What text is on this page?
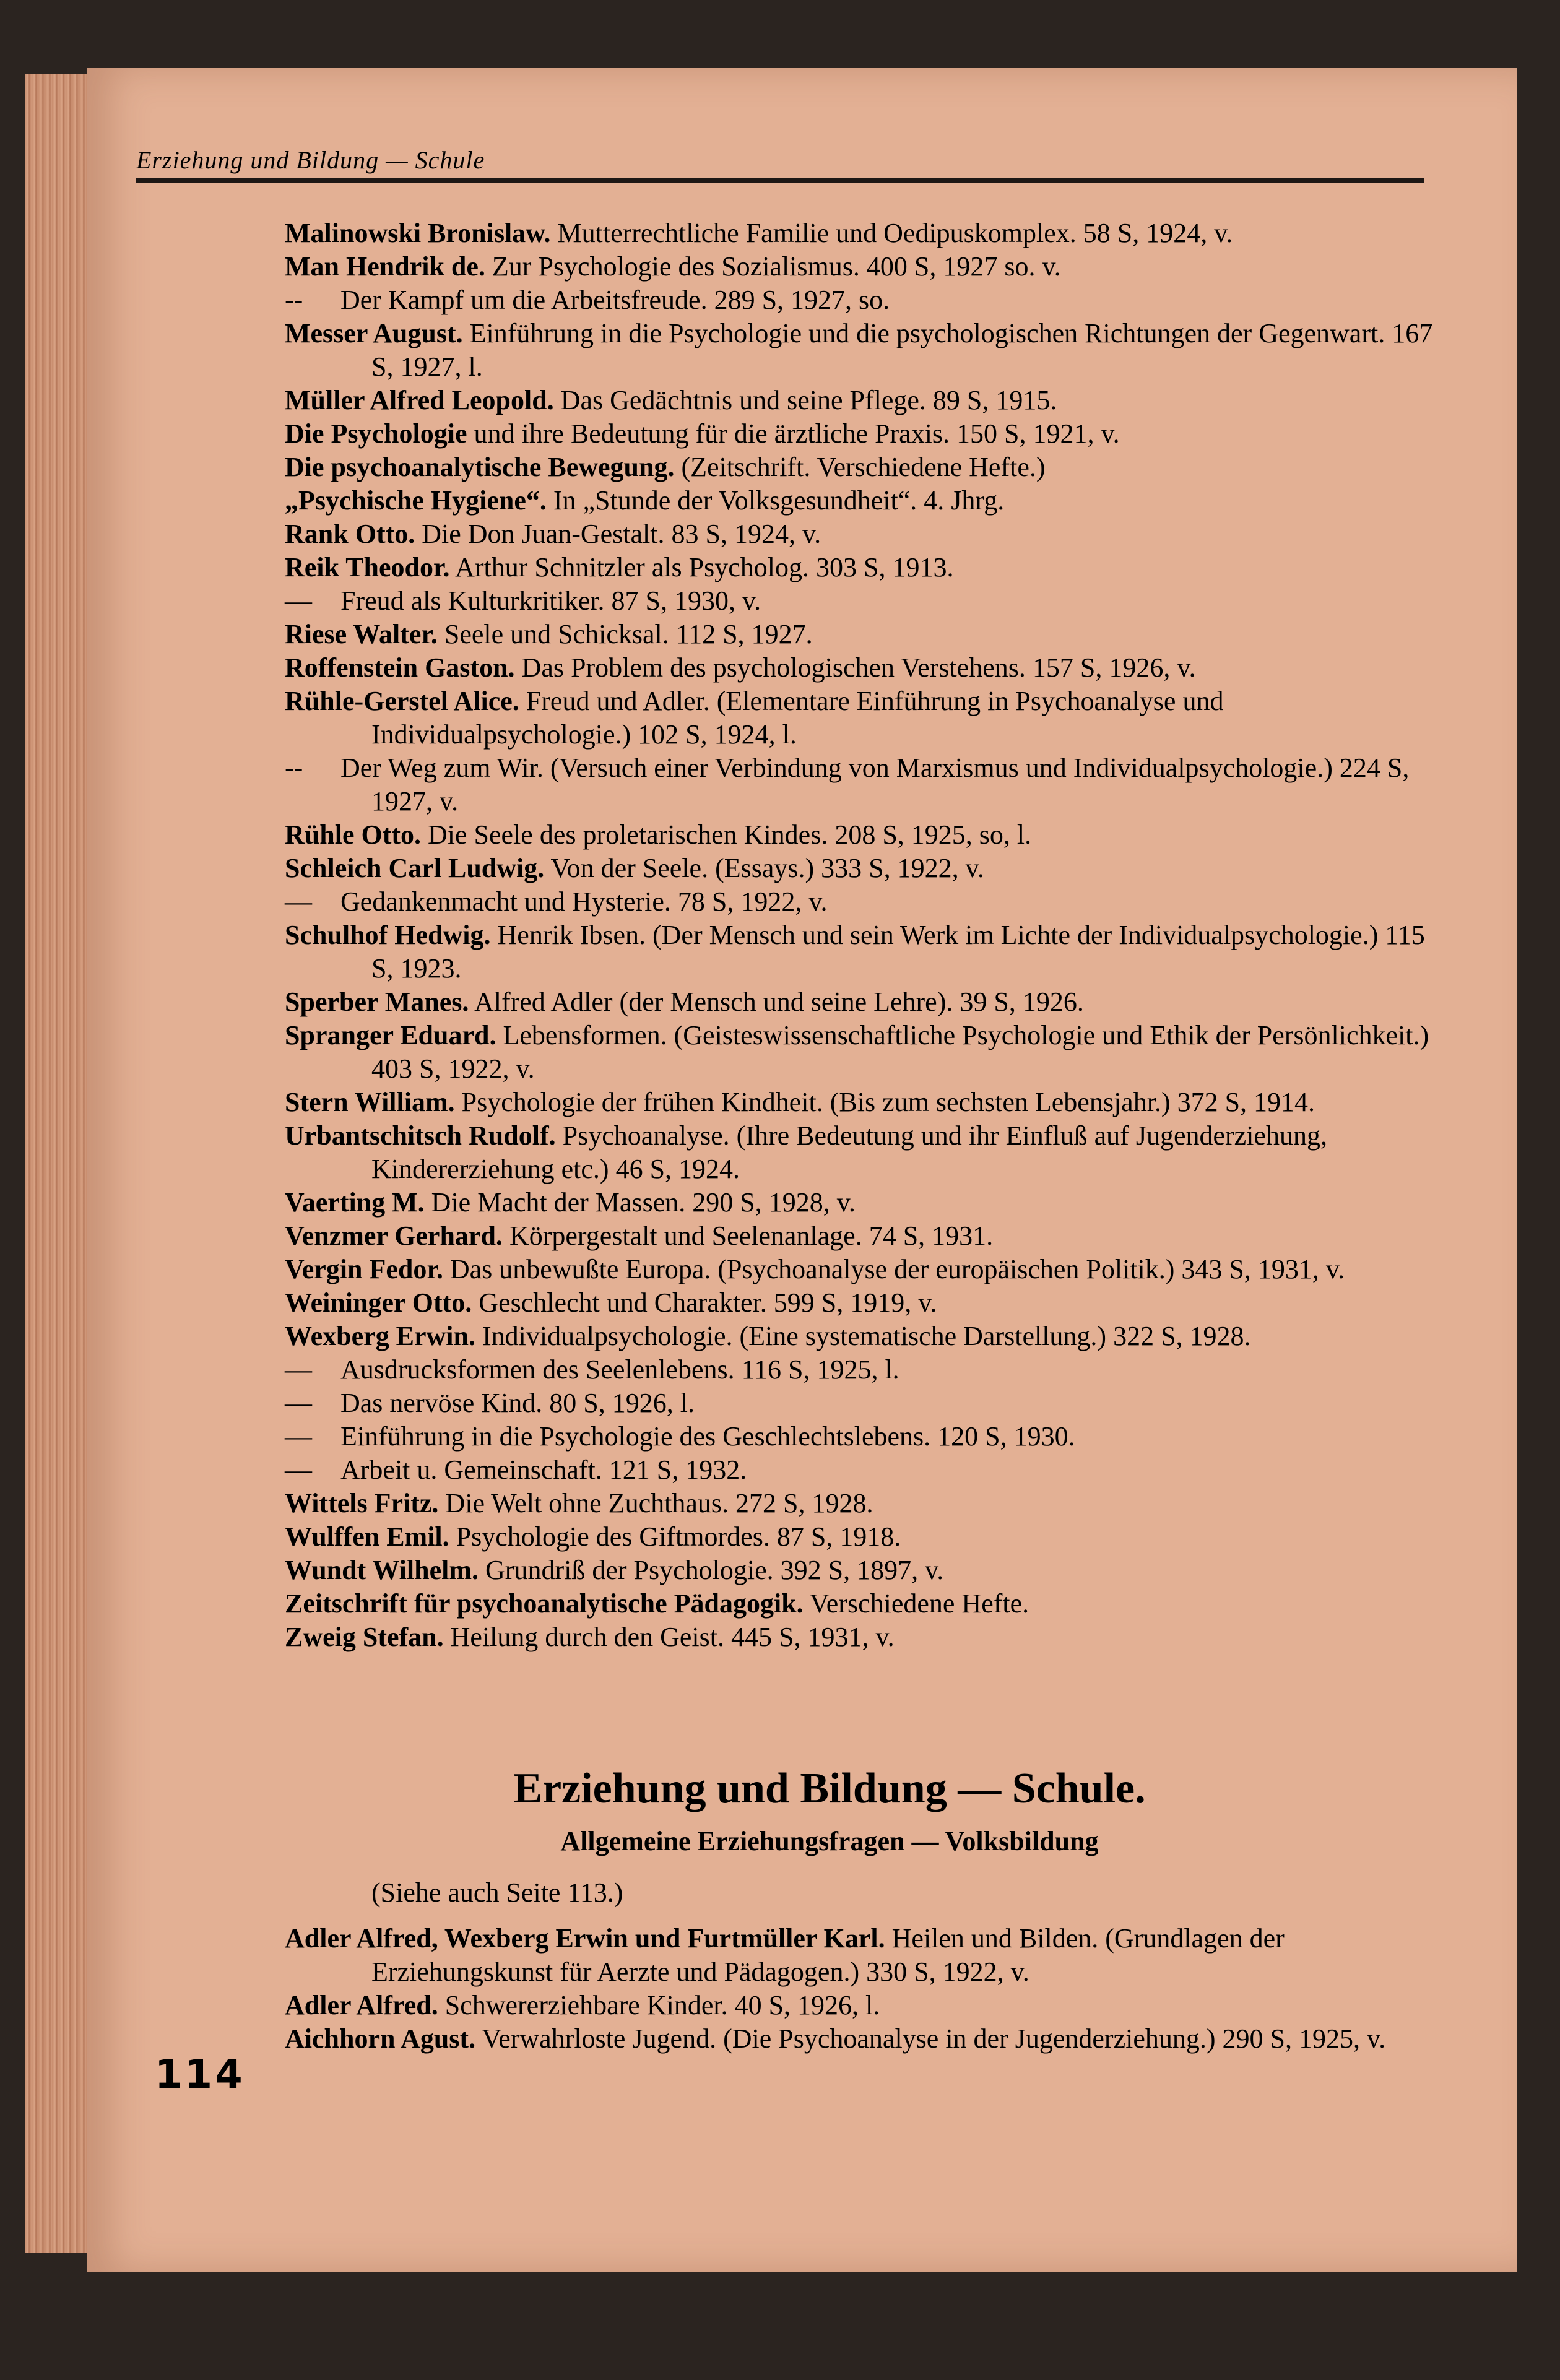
Erziehung und Bildung — Schule
Malinowski Bronislaw. Mutterrechtliche Familie und Oedipuskomplex. 58 S, 1924, v.
Man Hendrik de. Zur Psychologie des Sozialismus. 400 S, 1927 so. v.
-- Der Kampf um die Arbeitsfreude. 289 S, 1927, so.
Messer August. Einführung in die Psychologie und die psychologischen Richtungen der Gegenwart. 167 S, 1927, l.
Müller Alfred Leopold. Das Gedächtnis und seine Pflege. 89 S, 1915.
Die Psychologie und ihre Bedeutung für die ärztliche Praxis. 150 S, 1921, v.
Die psychoanalytische Bewegung. (Zeitschrift. Verschiedene Hefte.)
„Psychische Hygiene“. In „Stunde der Volksgesundheit“. 4. Jhrg.
Rank Otto. Die Don Juan-Gestalt. 83 S, 1924, v.
Reik Theodor. Arthur Schnitzler als Psycholog. 303 S, 1913.
— Freud als Kulturkritiker. 87 S, 1930, v.
Riese Walter. Seele und Schicksal. 112 S, 1927.
Roffenstein Gaston. Das Problem des psychologischen Verstehens. 157 S, 1926, v.
Rühle-Gerstel Alice. Freud und Adler. (Elementare Einführung in Psychoanalyse und Individualpsychologie.) 102 S, 1924, l.
-- Der Weg zum Wir. (Versuch einer Verbindung von Marxismus und Individualpsychologie.) 224 S, 1927, v.
Rühle Otto. Die Seele des proletarischen Kindes. 208 S, 1925, so, l.
Schleich Carl Ludwig. Von der Seele. (Essays.) 333 S, 1922, v.
— Gedankenmacht und Hysterie. 78 S, 1922, v.
Schulhof Hedwig. Henrik Ibsen. (Der Mensch und sein Werk im Lichte der Individualpsychologie.) 115 S, 1923.
Sperber Manes. Alfred Adler (der Mensch und seine Lehre). 39 S, 1926.
Spranger Eduard. Lebensformen. (Geisteswissenschaftliche Psychologie und Ethik der Persönlichkeit.) 403 S, 1922, v.
Stern William. Psychologie der frühen Kindheit. (Bis zum sechsten Lebensjahr.) 372 S, 1914.
Urbantschitsch Rudolf. Psychoanalyse. (Ihre Bedeutung und ihr Einfluß auf Jugenderziehung, Kindererziehung etc.) 46 S, 1924.
Vaerting M. Die Macht der Massen. 290 S, 1928, v.
Venzmer Gerhard. Körpergestalt und Seelenanlage. 74 S, 1931.
Vergin Fedor. Das unbewußte Europa. (Psychoanalyse der europäischen Politik.) 343 S, 1931, v.
Weininger Otto. Geschlecht und Charakter. 599 S, 1919, v.
Wexberg Erwin. Individualpsychologie. (Eine systematische Darstellung.) 322 S, 1928.
— Ausdrucksformen des Seelenlebens. 116 S, 1925, l.
— Das nervöse Kind. 80 S, 1926, l.
— Einführung in die Psychologie des Geschlechtslebens. 120 S, 1930.
— Arbeit u. Gemeinschaft. 121 S, 1932.
Wittels Fritz. Die Welt ohne Zuchthaus. 272 S, 1928.
Wulffen Emil. Psychologie des Giftmordes. 87 S, 1918.
Wundt Wilhelm. Grundriß der Psychologie. 392 S, 1897, v.
Zeitschrift für psychoanalytische Pädagogik. Verschiedene Hefte.
Zweig Stefan. Heilung durch den Geist. 445 S, 1931, v.
Erziehung und Bildung — Schule.
Allgemeine Erziehungsfragen — Volksbildung
(Siehe auch Seite 113.)
Adler Alfred, Wexberg Erwin und Furtmüller Karl. Heilen und Bilden. (Grundlagen der Erziehungskunst für Aerzte und Pädagogen.) 330 S, 1922, v.
Adler Alfred. Schwererziehbare Kinder. 40 S, 1926, l.
Aichhorn Agust. Verwahrloste Jugend. (Die Psychoanalyse in der Jugenderziehung.) 290 S, 1925, v.
114
